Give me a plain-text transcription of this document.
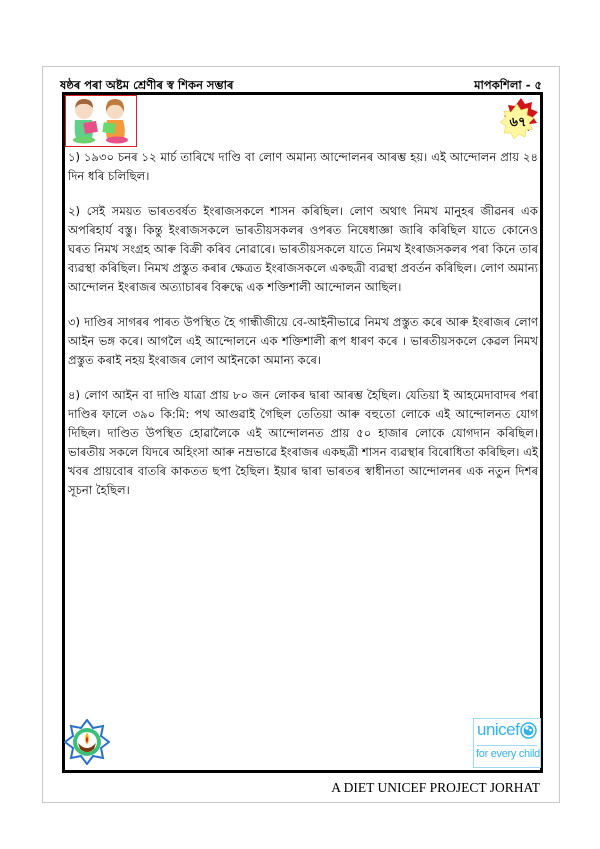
ষষ্ঠৰ পৰা অষ্টম শ্ৰেণীৰ স্ব শিকন সম্ভাৰ	মাপকশিলা - ৫
৬৭

১) ১৯৩০ চনৰ ১২ মাৰ্চ তাৰিখে দাণ্ডি বা লোণ অমান্য আন্দোলনৰ আৰম্ভ হয়। এই আন্দোলন প্ৰায় ২৪ দিন ধৰি চলিছিল।

২) সেই সময়ত ভাৰতবৰ্ষত ইংৰাজসকলে শাসন কৰিছিল। লোণ অথাৎ নিমখ মানুহৰ জীৱনৰ এক অপৰিহাৰ্য বস্তু। কিন্তু ইংৰাজসকলে ভাৰতীয়সকলৰ ওপৰত নিষেধাজ্ঞা জাৰি কৰিছিল যাতে কোনেও ঘৰত নিমখ সংগ্ৰহ আৰু বিক্ৰী কৰিব নোৱাৰে। ভাৰতীয়সকলে যাতে নিমখ ইংৰাজসকলৰ পৰা কিনে তাৰ ব্যৱস্থা কৰিছিল। নিমখ প্ৰস্তুত কৰাৰ ক্ষেত্ৰত ইংৰাজসকলে একছত্ৰী ব্যৱস্থা প্ৰবৰ্তন কৰিছিল। লোণ অমান্য আন্দোলন ইংৰাজৰ অত্যাচাৰৰ বিৰুদ্ধে এক শক্তিশালী আন্দোলন আছিল।

৩) দাণ্ডিৰ সাগৰৰ পাৰত উপস্থিত হৈ গান্ধীজীয়ে বে-আইনীভাৱে নিমখ প্ৰস্তুত কৰে আৰু ইংৰাজৰ লোণ আইন ভঙ্গ কৰে। আগলৈ এই আন্দোলনে এক শক্তিশালী ৰূপ ধাৰণ কৰে । ভাৰতীয়সকলে কেৱল নিমখ প্ৰস্তুত কৰাই নহয় ইংৰাজৰ লোণ আইনকো অমান্য কৰে।

৪) লোণ আইন বা দাণ্ডি যাত্ৰা প্ৰায় ৮০ জন লোকৰ দ্বাৰা আৰম্ভ হৈছিল। যেতিয়া ই আহমেদাবাদৰ পৰা দাণ্ডিৰ ফালে ৩৯০ কি:মি: পথ আগুৱাই গৈছিল তেতিয়া আৰু বহুতো লোকে এই আন্দোলনত যোগ দিছিল। দাণ্ডিত উপস্থিত হোৱালৈকে এই আন্দোলনত প্ৰায় ৫০ হাজাৰ লোকে যোগদান কৰিছিল। ভাৰতীয় সকলে যিদৰে অহিংসা আৰু নম্ৰভাৱে ইংৰাজৰ একছত্ৰী শাসন ব্যৱস্থাৰ বিৰোধিতা কৰিছিল। এই খবৰ প্ৰায়বোৰ বাতৰি কাকতত ছপা হৈছিল। ইয়াৰ দ্বাৰা ভাৰতৰ স্বাধীনতা আন্দোলনৰ এক নতুন দিশৰ সূচনা হৈছিল।

unicef
for every child
A DIET UNICEF PROJECT JORHAT
